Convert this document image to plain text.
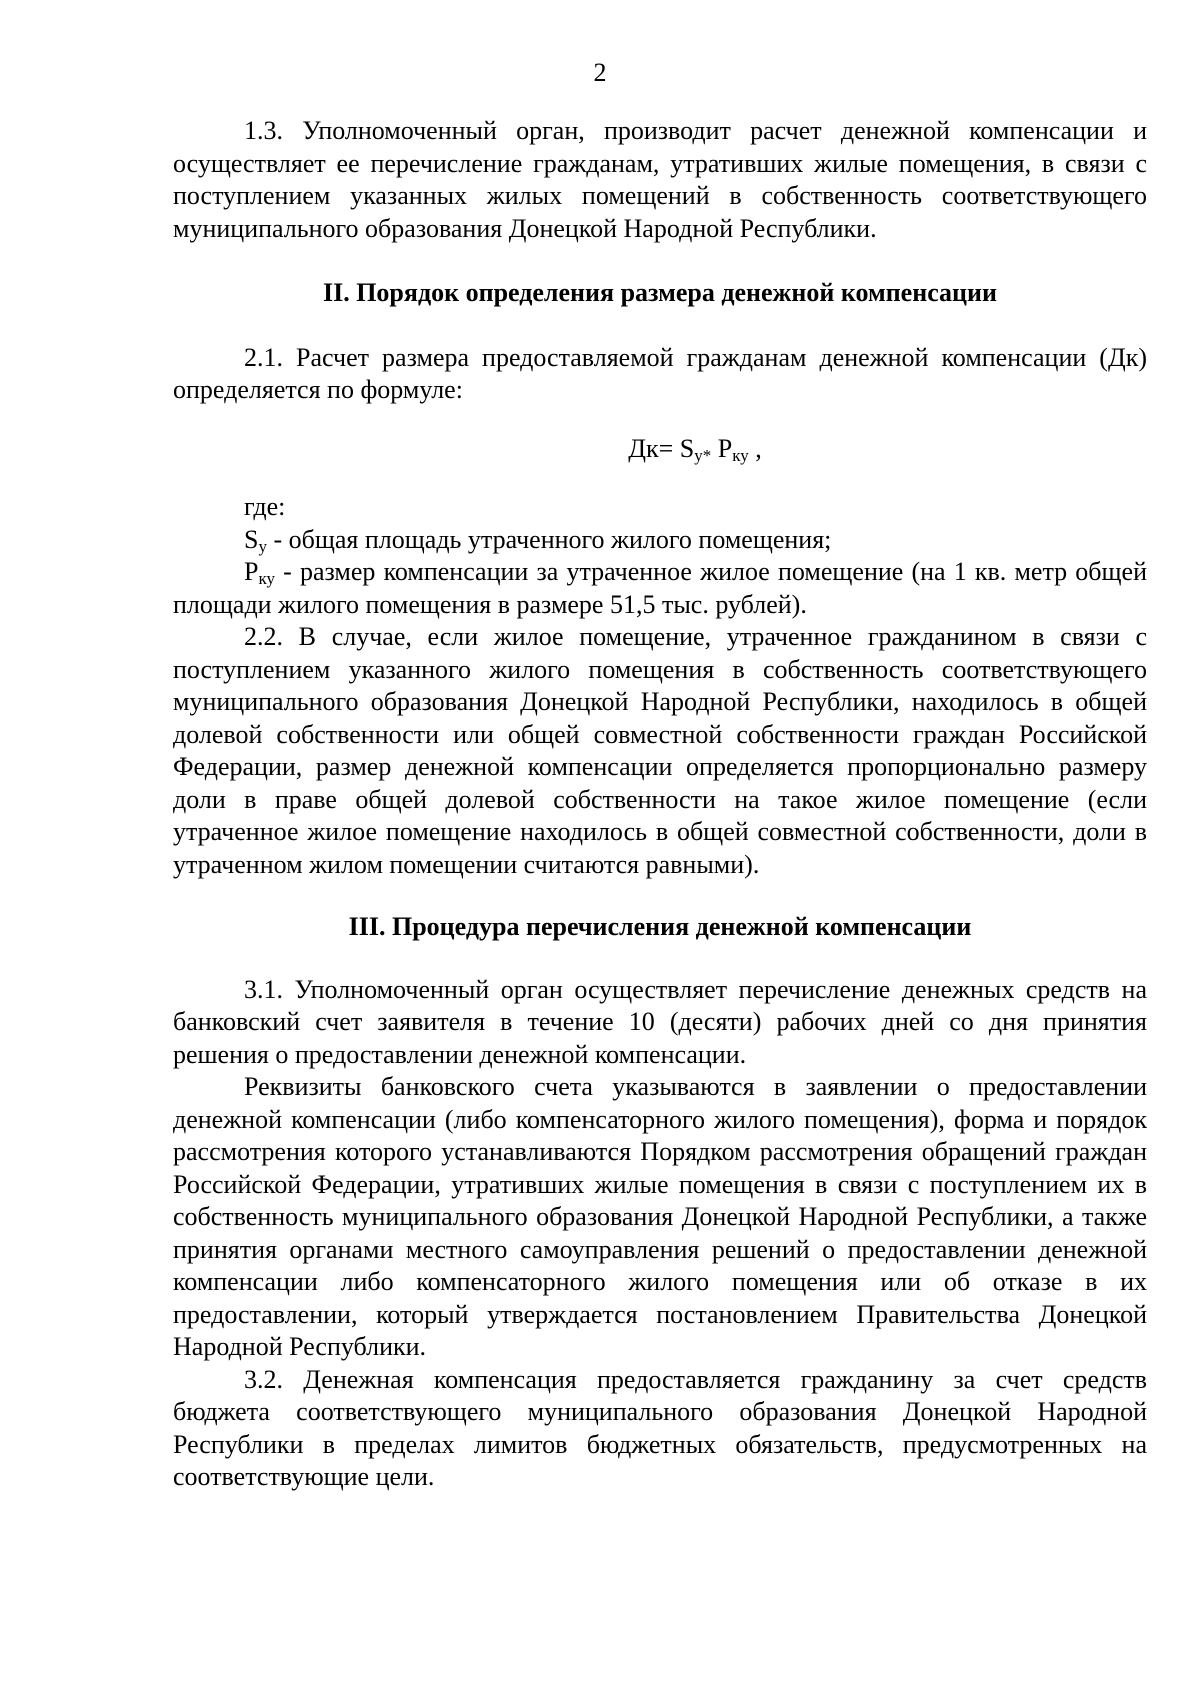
2

1.3. Уполномоченный орган, производит расчет денежной компенсации и осуществляет ее перечисление гражданам, утративших жилые помещения, в связи с поступлением указанных жилых помещений в собственность соответствующего муниципального образования Донецкой Народной Республики.

II. Порядок определения размера денежной компенсации

2.1. Расчет размера предоставляемой гражданам денежной компенсации (Дк) определяется по формуле:

$Дк= S_{у*}$ $Р_{ку}$ ,

где:

$S_у$ - общая площадь утраченного жилого помещения;

$Р_{ку}$ - размер компенсации за утраченное жилое помещение (на 1 кв. метр общей площади жилого помещения в размере 51,5 тыс. рублей).

2.2. В случае, если жилое помещение, утраченное гражданином в связи с поступлением указанного жилого помещения в собственность соответствующего муниципального образования Донецкой Народной Республики, находилось в общей долевой собственности или общей совместной собственности граждан Российской Федерации, размер денежной компенсации определяется пропорционально размеру доли в праве общей долевой собственности на такое жилое помещение (если утраченное жилое помещение находилось в общей совместной собственности, доли в утраченном жилом помещении считаются равными).

III. Процедура перечисления денежной компенсации

3.1. Уполномоченный орган осуществляет перечисление денежных средств на банковский счет заявителя в течение 10 (десяти) рабочих дней со дня принятия решения о предоставлении денежной компенсации.

Реквизиты банковского счета указываются в заявлении о предоставлении денежной компенсации (либо компенсаторного жилого помещения), форма и порядок рассмотрения которого устанавливаются Порядком рассмотрения обращений граждан Российской Федерации, утративших жилые помещения в связи с поступлением их в собственность муниципального образования Донецкой Народной Республики, а также принятия органами местного самоуправления решений о предоставлении денежной компенсации либо компенсаторного жилого помещения или об отказе в их предоставлении, который утверждается постановлением Правительства Донецкой Народной Республики.

3.2. Денежная компенсация предоставляется гражданину за счет средств бюджета соответствующего муниципального образования Донецкой Народной Республики в пределах лимитов бюджетных обязательств, предусмотренных на соответствующие цели.
